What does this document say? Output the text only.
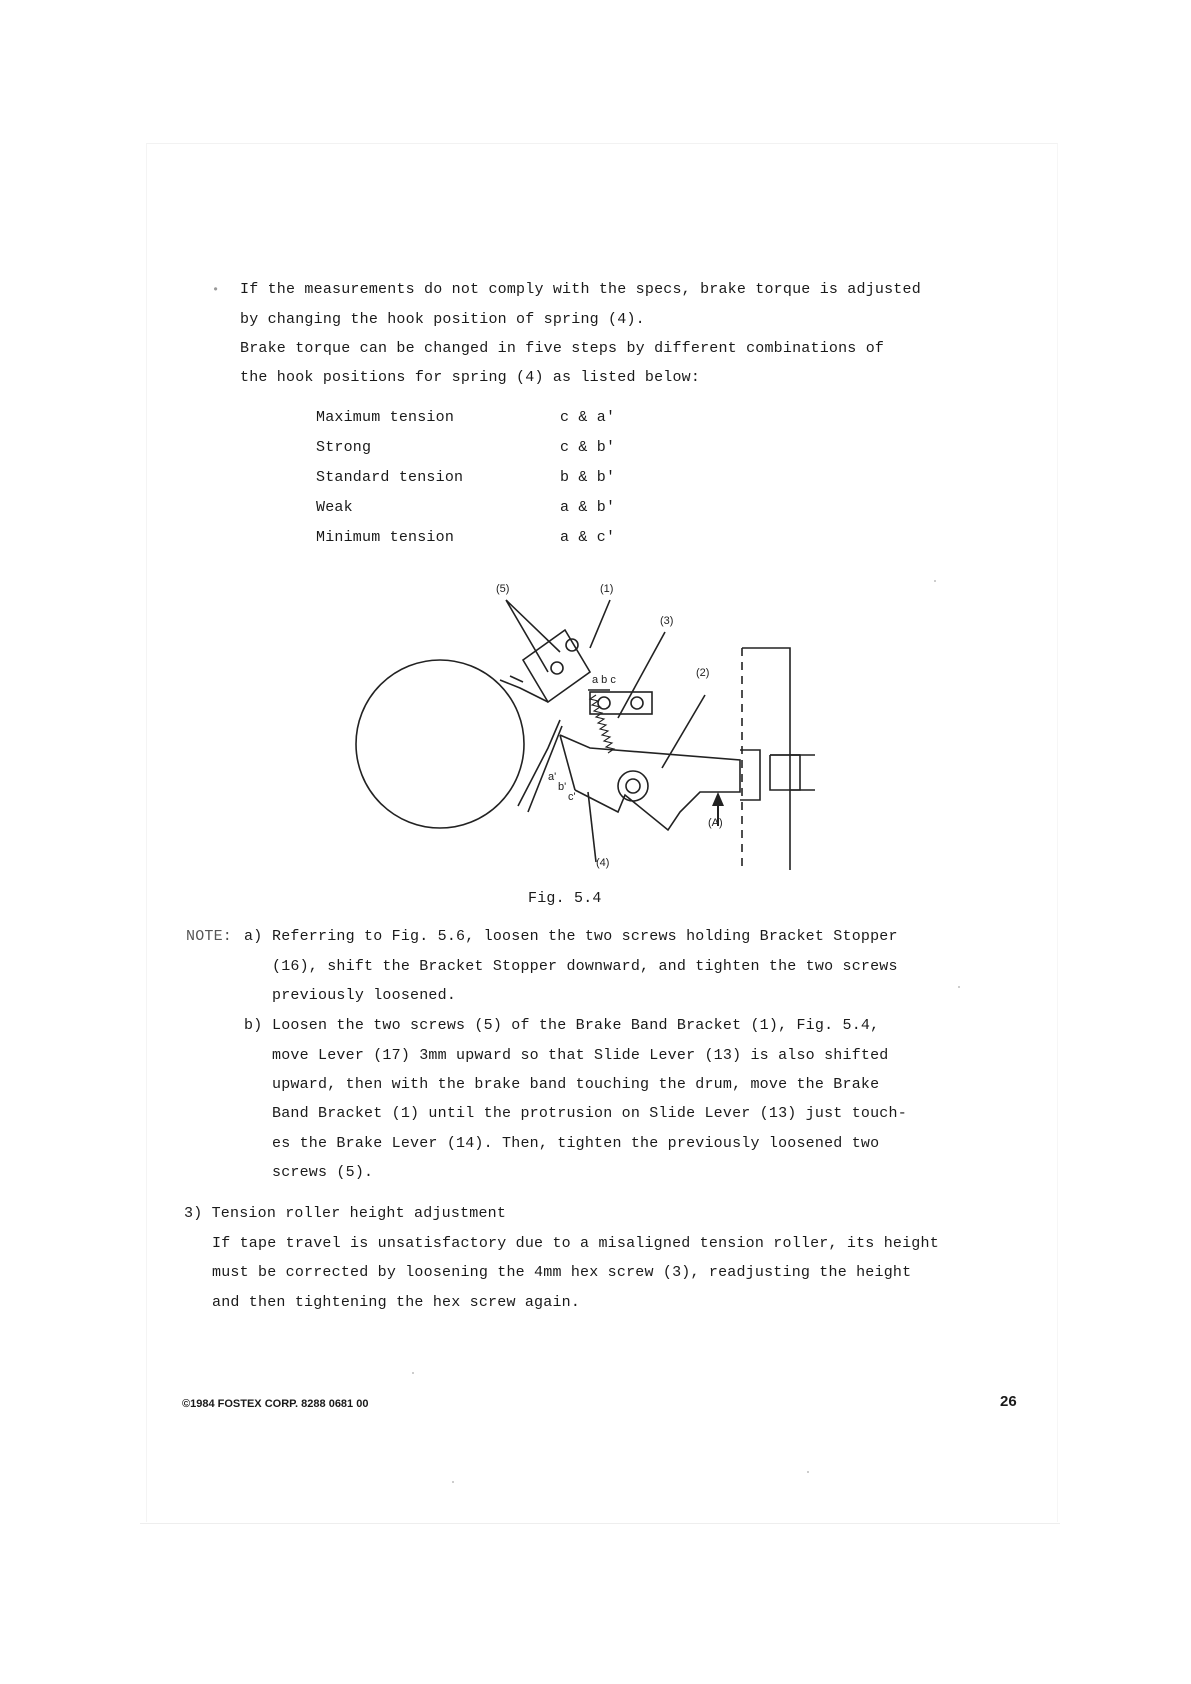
• If the measurements do not comply with the specs, brake torque is adjusted
by changing the hook position of spring (4).
Brake torque can be changed in five steps by different combinations of
the hook positions for spring (4) as listed below:
Maximum tension	c & a'
Strong	c & b'
Standard tension	b & b'
Weak	a & b'
Minimum tension	a & c'
(5)	(1)
(3)
(2)
(4)
(A)
a b c
a'
b'
c'
Fig. 5.4
NOTE: a) Referring to Fig. 5.6, loosen the two screws holding Bracket Stopper
(16), shift the Bracket Stopper downward, and tighten the two screws
previously loosened.
b) Loosen the two screws (5) of the Brake Band Bracket (1), Fig. 5.4,
move Lever (17) 3mm upward so that Slide Lever (13) is also shifted
upward, then with the brake band touching the drum, move the Brake
Band Bracket (1) until the protrusion on Slide Lever (13) just touch-
es the Brake Lever (14). Then, tighten the previously loosened two
screws (5).
3) Tension roller height adjustment
If tape travel is unsatisfactory due to a misaligned tension roller, its height
must be corrected by loosening the 4mm hex screw (3), readjusting the height
and then tightening the hex screw again.
©1984 FOSTEX CORP. 8288 0681 00	26
